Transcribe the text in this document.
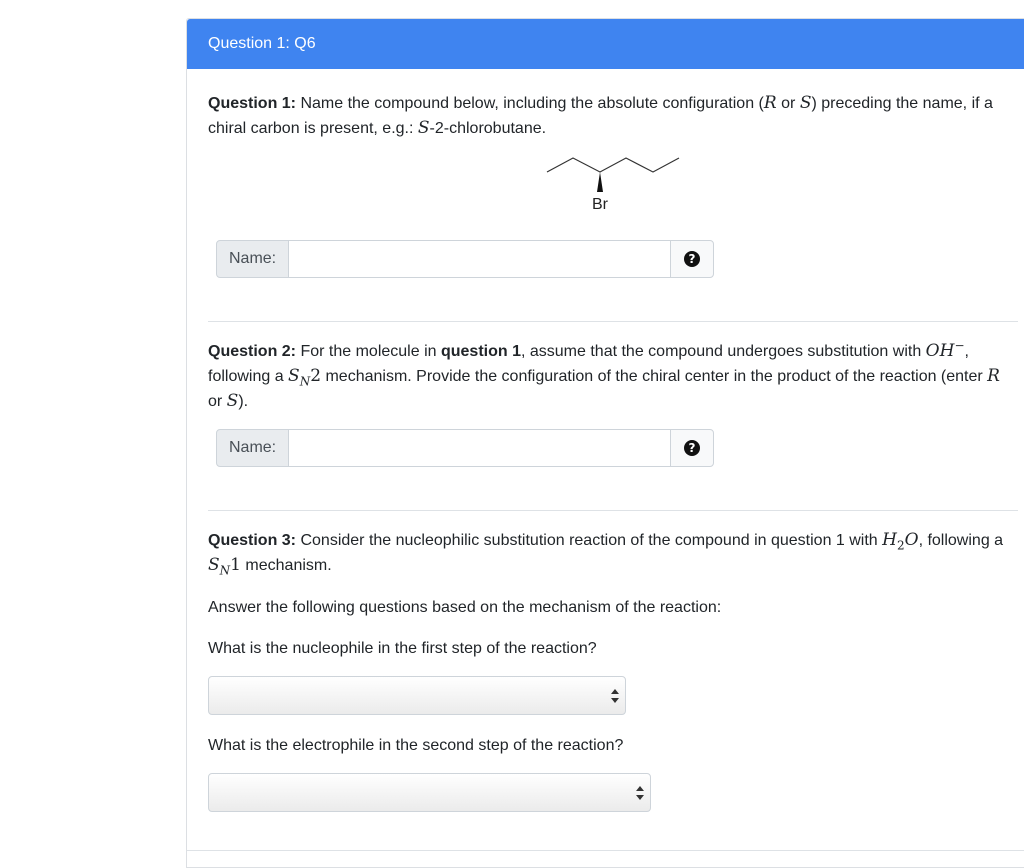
Question 1: Q6

Question 1: Name the compound below, including the absolute configuration (R or S) preceding the name, if a chiral carbon is present, e.g.: S-2-chlorobutane.

Br
Name:	?

Question 2: For the molecule in question 1, assume that the compound undergoes substitution with OH−, following a $S_N2$ mechanism. Provide the configuration of the chiral center in the product of the reaction (enter R or S).

Name:	?

Question 3: Consider the nucleophilic substitution reaction of the compound in question 1 with $H_2O$, following a $S_N1$ mechanism.

Answer the following questions based on the mechanism of the reaction:

What is the nucleophile in the first step of the reaction?

What is the electrophile in the second step of the reaction?
